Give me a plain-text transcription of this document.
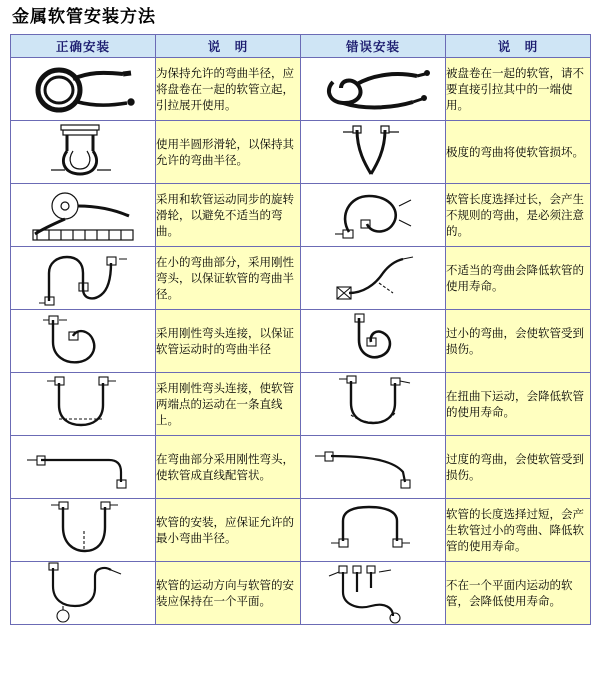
金属软管安装方法
正确安装	说　明	错误安装	说　明

	为保持允许的弯曲半径，应将盘卷在一起的软管立起，引拉展开使用。		被盘卷在一起的软管，请不要直接引拉其中的一端使用。

	使用半圆形滑轮，以保持其允许的弯曲半径。		极度的弯曲将使软管损坏。

	采用和软管运动同步的旋转滑轮，以避免不适当的弯曲。		软管长度选择过长，会产生不规则的弯曲，是必须注意的。

	在小的弯曲部分，采用刚性弯头，以保证软管的弯曲半径。		不适当的弯曲会降低软管的使用寿命。

	采用刚性弯头连接，以保证软管运动时的弯曲半径		过小的弯曲，会使软管受到损伤。

	采用刚性弯头连接，使软管两端点的运动在一条直线上。		在扭曲下运动，会降低软管的使用寿命。

	在弯曲部分采用刚性弯头，使软管成直线配管状。		过度的弯曲，会使软管受到损伤。

	软管的安装，应保证允许的最小弯曲半径。		软管的长度选择过短，会产生软管过小的弯曲、降低软管的使用寿命。

	软管的运动方向与软管的安装应保持在一个平面。		不在一个平面内运动的软管，会降低使用寿命。
